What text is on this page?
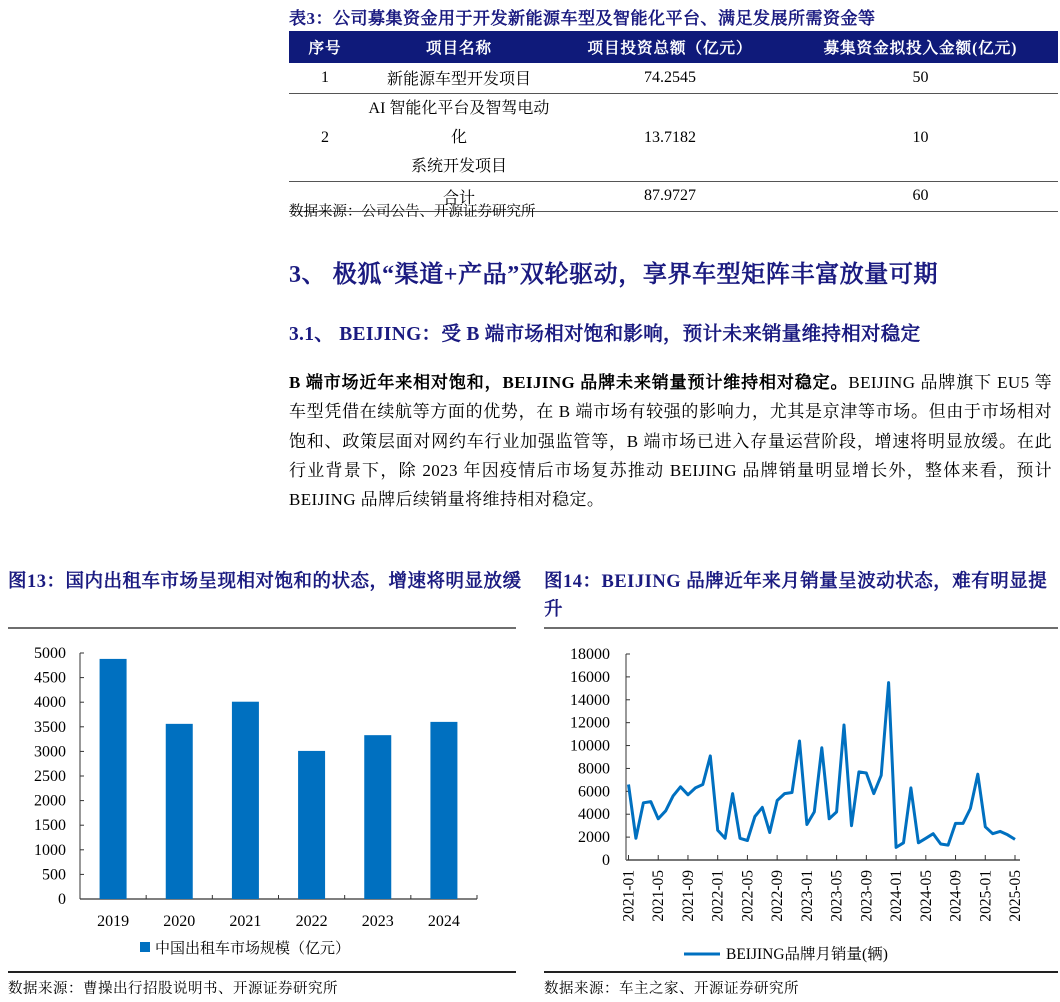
表3：公司募集资金用于开发新能源车型及智能化平台、满足发展所需资金等
序号	项目名称	项目投资总额（亿元）	募集资金拟投入金额(亿元)
1	新能源车型开发项目	74.2545	50
2	AI 智能化平台及智驾电动化
系统开发项目	13.7182	10
	合计	87.9727	60
数据来源：公司公告、开源证券研究所
3、 极狐“渠道+产品”双轮驱动，享界车型矩阵丰富放量可期
3.1、 BEIJING：受 B 端市场相对饱和影响，预计未来销量维持相对稳定
B 端市场近年来相对饱和，BEIJING 品牌未来销量预计维持相对稳定。BEIJING 品牌旗下 EU5 等车型凭借在续航等方面的优势，在 B 端市场有较强的影响力，尤其是京津等市场。但由于市场相对饱和、政策层面对网约车行业加强监管等，B 端市场已进入存量运营阶段，增速将明显放缓。在此行业背景下，除 2023 年因疫情后市场复苏推动 BEIJING 品牌销量明显增长外，整体来看，预计 BEIJING 品牌后续销量将维持相对稳定。
图13：国内出租车市场呈现相对饱和的状态，增速将明显放缓
0
500
1000
1500
2000
2500
3000
3500
4000
4500
5000
2019 2020 2021 2022 2023 2024
中国出租车市场规模（亿元）
数据来源：曹操出行招股说明书、开源证券研究所
图14：BEIJING 品牌近年来月销量呈波动状态，难有明显提升
0
2000
4000
6000
8000
10000
12000
14000
16000
18000
2021-01 2021-05 2021-09 2022-01 2022-05 2022-09 2023-01 2023-05 2023-09 2024-01 2024-05 2024-09 2025-01 2025-05
BEIJING品牌月销量(辆)
数据来源：车主之家、开源证券研究所
